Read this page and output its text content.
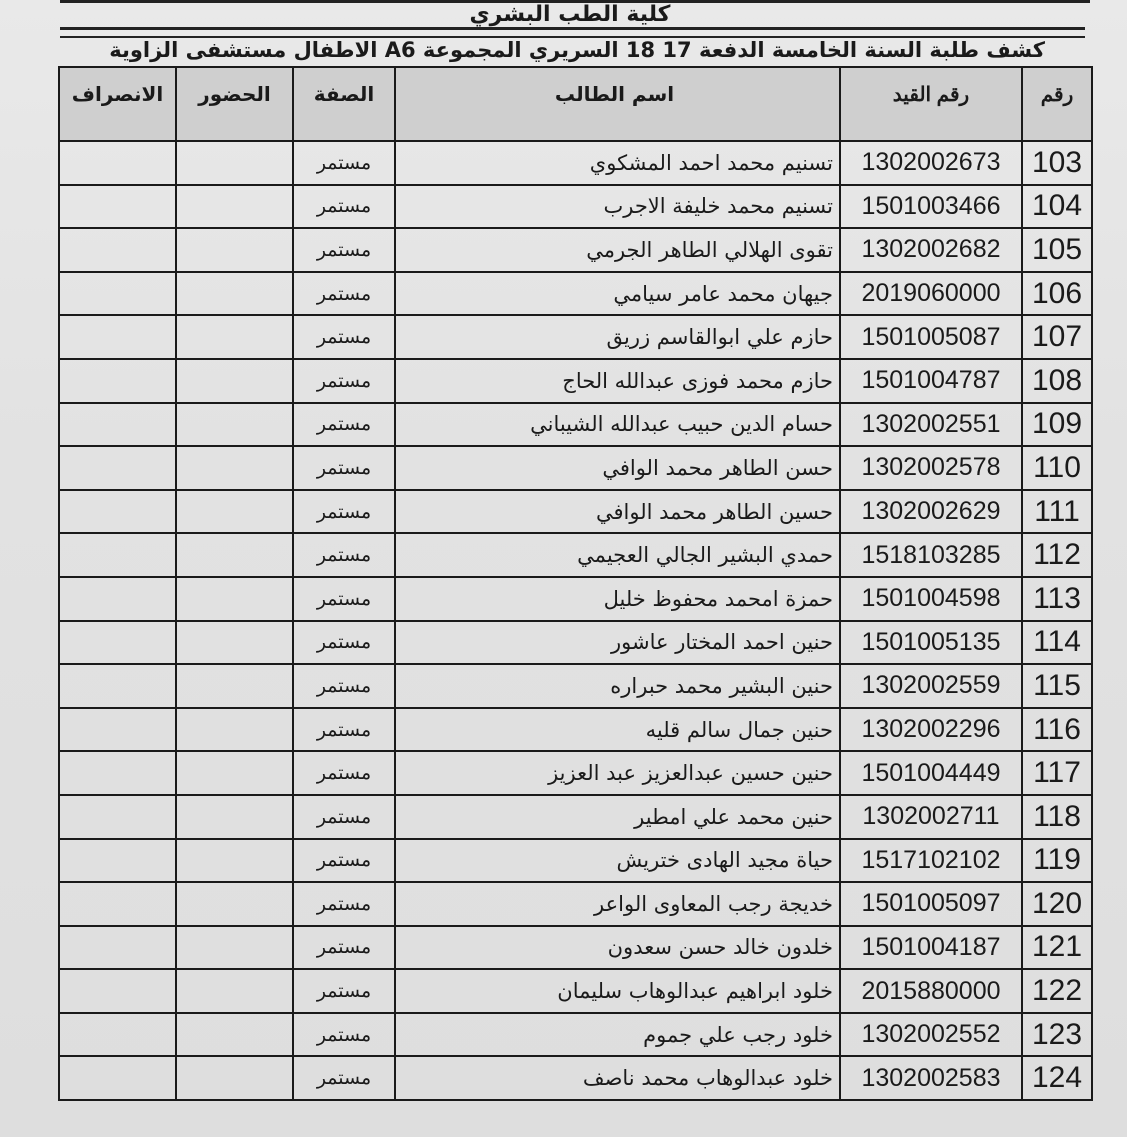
كلية الطب البشري
كشف طلبة السنة الخامسة الدفعة 17 18 السريري المجموعة A6 الاطفال مستشفى الزاوية
رقم	رقم القيد	اسم الطالب	الصفة	الحضور	الانصراف
103	1302002673	تسنيم محمد احمد المشكوي	مستمر		
104	1501003466	تسنيم محمد خليفة الاجرب	مستمر		
105	1302002682	تقوى الهلالي الطاهر الجرمي	مستمر		
106	2019060000	جيهان محمد عامر سيامي	مستمر		
107	1501005087	حازم علي ابوالقاسم زريق	مستمر		
108	1501004787	حازم محمد فوزى عبدالله الحاج	مستمر		
109	1302002551	حسام الدين حبيب عبدالله الشيباني	مستمر		
110	1302002578	حسن الطاهر محمد الوافي	مستمر		
111	1302002629	حسين الطاهر محمد الوافي	مستمر		
112	1518103285	حمدي البشير الجالي العجيمي	مستمر		
113	1501004598	حمزة امحمد محفوظ خليل	مستمر		
114	1501005135	حنين احمد المختار عاشور	مستمر		
115	1302002559	حنين البشير محمد حبراره	مستمر		
116	1302002296	حنين جمال سالم قليه	مستمر		
117	1501004449	حنين حسين عبدالعزيز عبد العزيز	مستمر		
118	1302002711	حنين محمد علي امطير	مستمر		
119	1517102102	حياة مجيد الهادى ختريش	مستمر		
120	1501005097	خديجة رجب المعاوى الواعر	مستمر		
121	1501004187	خلدون خالد حسن سعدون	مستمر		
122	2015880000	خلود ابراهيم عبدالوهاب سليمان	مستمر		
123	1302002552	خلود رجب علي جموم	مستمر		
124	1302002583	خلود عبدالوهاب محمد ناصف	مستمر		
